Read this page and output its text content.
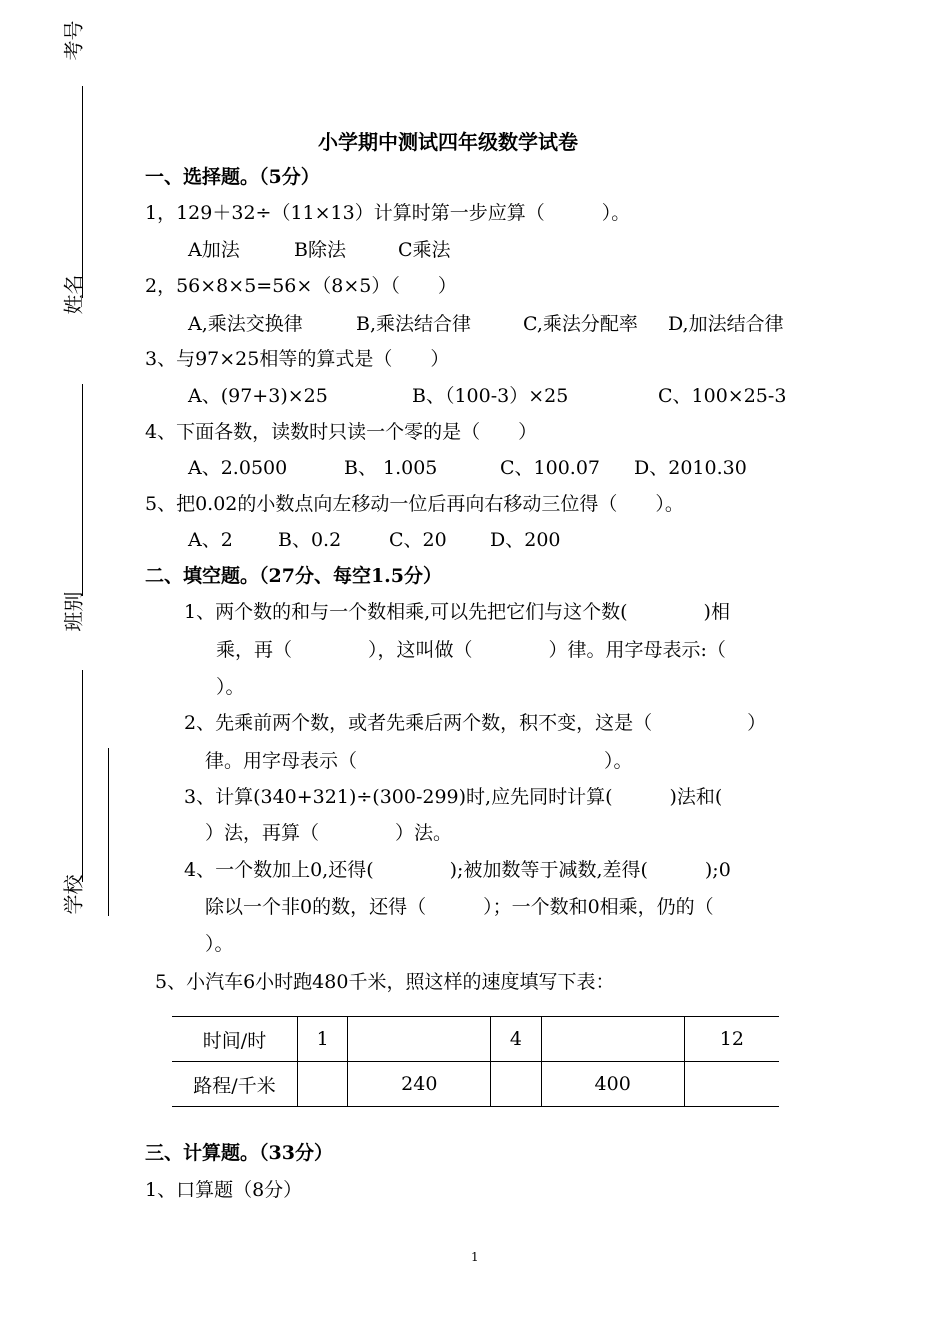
考号
姓名
班别
学校
小学期中测试四年级数学试卷
一、选择题。（5分）
1，129＋32÷（11×13）计算时第一步应算（　　　）。
A加法	B除法	C乘法
2，56×8×5=56×（8×5）（　　）
A,乘法交换律	B,乘法结合律	C,乘法分配率 D,加法结合律
3、与97×25相等的算式是（　　）
A、(97+3)×25	B、（100-3）×25	C、100×25-3
4、下面各数，读数时只读一个零的是（　　）
A、2.0500	B、 1.005	C、100.07 D、2010.30
5、把0.02的小数点向左移动一位后再向右移动三位得（　　）。
A、2 B、0.2	C、20 D、200
二、填空题。（27分、每空1.5分）
1、两个数的和与一个数相乘,可以先把它们与这个数(　　　　)相
乘，再（　　　　），这叫做（　　　　）律。用字母表示:（
）。
2、先乘前两个数，或者先乘后两个数，积不变，这是（　　　　　）
律。用字母表示（　　　　　　　　　　　　　）。
3、计算(340+321)÷(300-299)时,应先同时计算(　　　)法和(
）法，再算（　　　　）法。
4、一个数加上0,还得(　　　　);被加数等于减数,差得(　　　);0
除以一个非0的数，还得（　　　）；一个数和0相乘，仍的（
）。
5、小汽车6小时跑480千米，照这样的速度填写下表：
时间/时	1		4		12
路程/千米		240		400	
三、计算题。（33分）
1、口算题（8分）
1
